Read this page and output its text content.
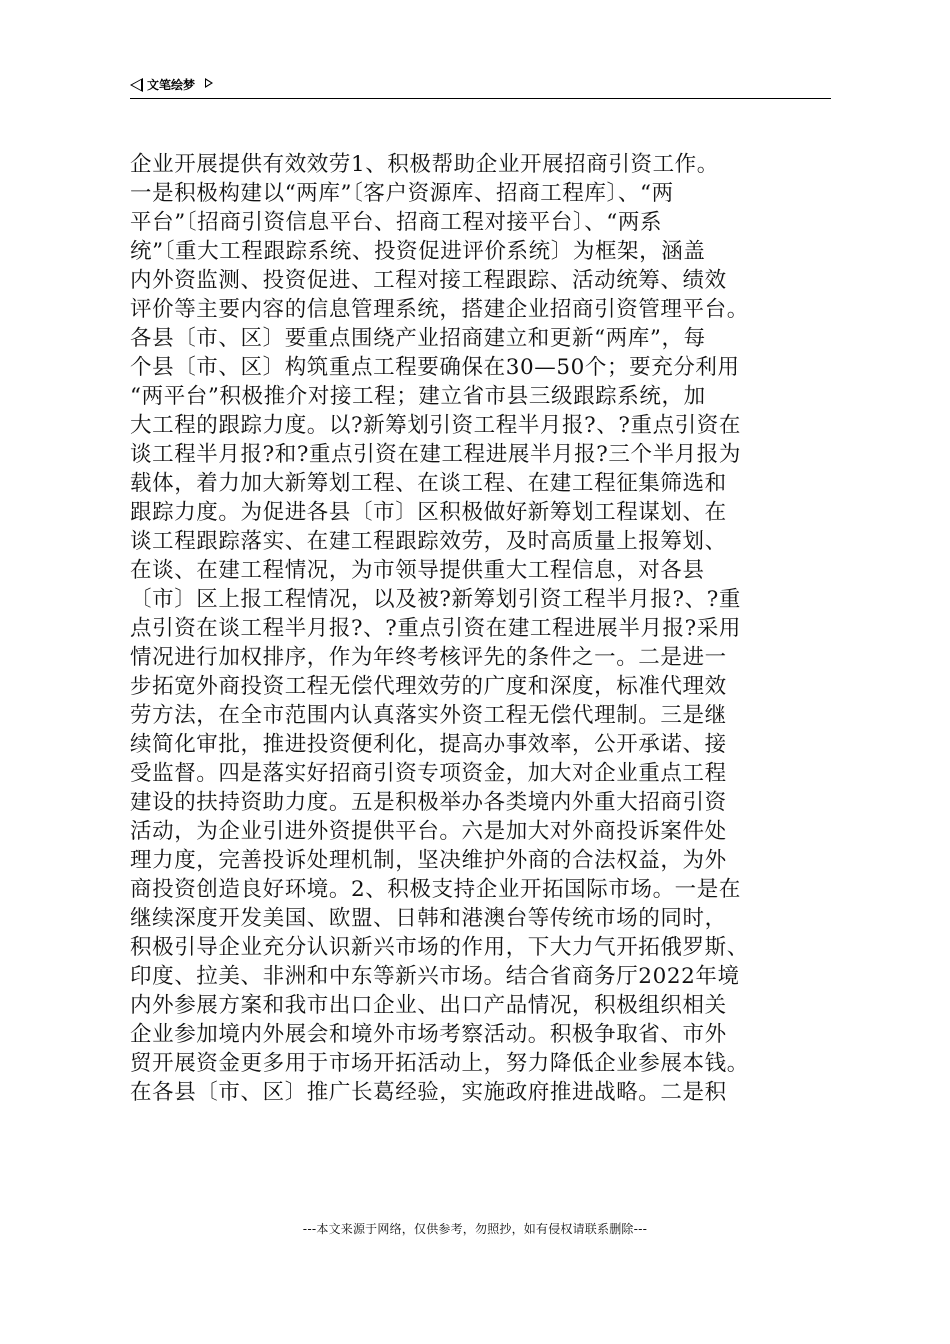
文笔绘梦
企业开展提供有效效劳1、积极帮助企业开展招商引资工作。
一是积极构建以“两库”〔客户资源库、招商工程库〕、“两
平台”〔招商引资信息平台、招商工程对接平台〕、“两系
统”〔重大工程跟踪系统、投资促进评价系统〕为框架，涵盖
内外资监测、投资促进、工程对接工程跟踪、活动统筹、绩效
评价等主要内容的信息管理系统，搭建企业招商引资管理平台。
各县〔市、区〕要重点围绕产业招商建立和更新“两库”，每
个县〔市、区〕构筑重点工程要确保在30—50个；要充分利用
“两平台”积极推介对接工程；建立省市县三级跟踪系统，加
大工程的跟踪力度。以?新筹划引资工程半月报?、?重点引资在
谈工程半月报?和?重点引资在建工程进展半月报?三个半月报为
载体，着力加大新筹划工程、在谈工程、在建工程征集筛选和
跟踪力度。为促进各县〔市〕区积极做好新筹划工程谋划、在
谈工程跟踪落实、在建工程跟踪效劳，及时高质量上报筹划、
在谈、在建工程情况，为市领导提供重大工程信息，对各县
〔市〕区上报工程情况，以及被?新筹划引资工程半月报?、?重
点引资在谈工程半月报?、?重点引资在建工程进展半月报?采用
情况进行加权排序，作为年终考核评先的条件之一。二是进一
步拓宽外商投资工程无偿代理效劳的广度和深度，标准代理效
劳方法，在全市范围内认真落实外资工程无偿代理制。三是继
续简化审批，推进投资便利化，提高办事效率，公开承诺、接
受监督。四是落实好招商引资专项资金，加大对企业重点工程
建设的扶持资助力度。五是积极举办各类境内外重大招商引资
活动，为企业引进外资提供平台。六是加大对外商投诉案件处
理力度，完善投诉处理机制，坚决维护外商的合法权益，为外
商投资创造良好环境。2、积极支持企业开拓国际市场。一是在
继续深度开发美国、欧盟、日韩和港澳台等传统市场的同时，
积极引导企业充分认识新兴市场的作用，下大力气开拓俄罗斯、
印度、拉美、非洲和中东等新兴市场。结合省商务厅2022年境
内外参展方案和我市出口企业、出口产品情况，积极组织相关
企业参加境内外展会和境外市场考察活动。积极争取省、市外
贸开展资金更多用于市场开拓活动上，努力降低企业参展本钱。
在各县〔市、区〕推广长葛经验，实施政府推进战略。二是积
---本文来源于网络，仅供参考，勿照抄，如有侵权请联系删除---
